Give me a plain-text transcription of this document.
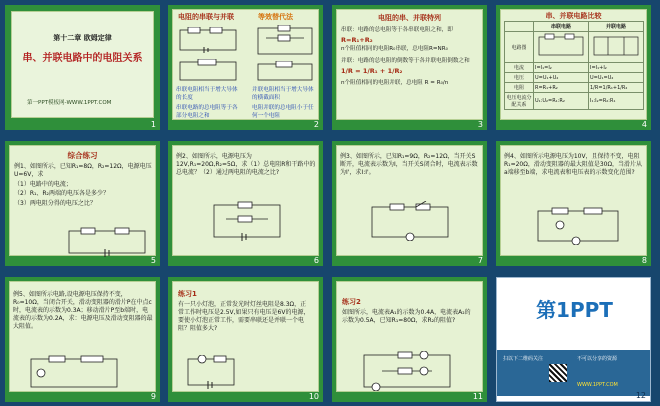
第十二章 欧姆定律
串、并联电路中的电阻关系
第一PPT模板网-WWW.1PPT.COM
1
电阻的串联与并联	等效替代法
串联电阻相当于增大导体的长度
并联电阻相当于增大导体的横截面积
串联电路的总电阻等于各部分电阻之和
电阻并联的总电阻小于任何一个电阻
2
电阻的串、并联特列

串联：电路的总电阻等于各串联电阻之和，即

R=R₁+R₂

n个阻值相同的电阻R₀串联，总电阻R=NR₀

并联：电路的总电阻的倒数等于各并联电阻倒数之和

1/R = 1/R₁ + 1/R₂

n个阻值相同的电阻并联，总电阻 R = R₀/n

3
串、并联电路比较
	串联电路	并联电路
电路图		
电流	I=I₁=I₂	I=I₁+I₂
电压	U=U₁+U₂	U=U₁=U₂
电阻	R=R₁+R₂	1/R=1/R₁+1/R₂
电压电流分配关系	U₁:U₂=R₁:R₂	I₁:I₂=R₂:R₁
4
综合练习

例1、如图所示，已知R₁=8Ω，R₂=12Ω，电源电压U=6V，求

（1）电路中的电流；

（2）R₁、R₂两端的电压各是多少？

（3）两电阻分得的电压之比？

5
例2、如图所示，电源电压为12V,R₁=20Ω,R₂=5Ω，求（1）总电阻R和干路中的总电流？（2）通过两电阻的电流之比?
6
例3、如图所示，已知R₁=9Ω，R₂=12Ω，当开关S断开，电流表示数为I，当开关S闭合时，电流表示数为I'，求I:I'。
7
例4、如图所示电源电压为10V，且保持不变，电阻R₁=20Ω，滑动变阻器的最大阻值是30Ω，当滑片从a端移至b端，求电流表和电压表的示数变化范围?
8
例5、如图所示电路,设电源电压保持不变，R₀=10Ω，当闭合开关，滑动变阻器的滑片P在中点c时，电流表的示数为0.3A；移动滑片P至b端时，电流表的示数为0.2A，求：电源电压及滑动变阻器的最大阻值。
9
练习1
有一只小灯泡，正常发光时灯丝电阻是8.3Ω，正常工作时电压是2.5V,如果只有电压是6V的电源，要使小灯泡正常工作，需要串联还是并联一个电阻？阻值多大?
10
练习2
如图所示，电流表A₁的示数为0.4A，电流表A₂的示数为0.5A，已知R₁=80Ω，求R₂的阻值?
11
第1PPT
扫以下二维码关注	不可以分享的资源
WWW.1PPT.COM
12
